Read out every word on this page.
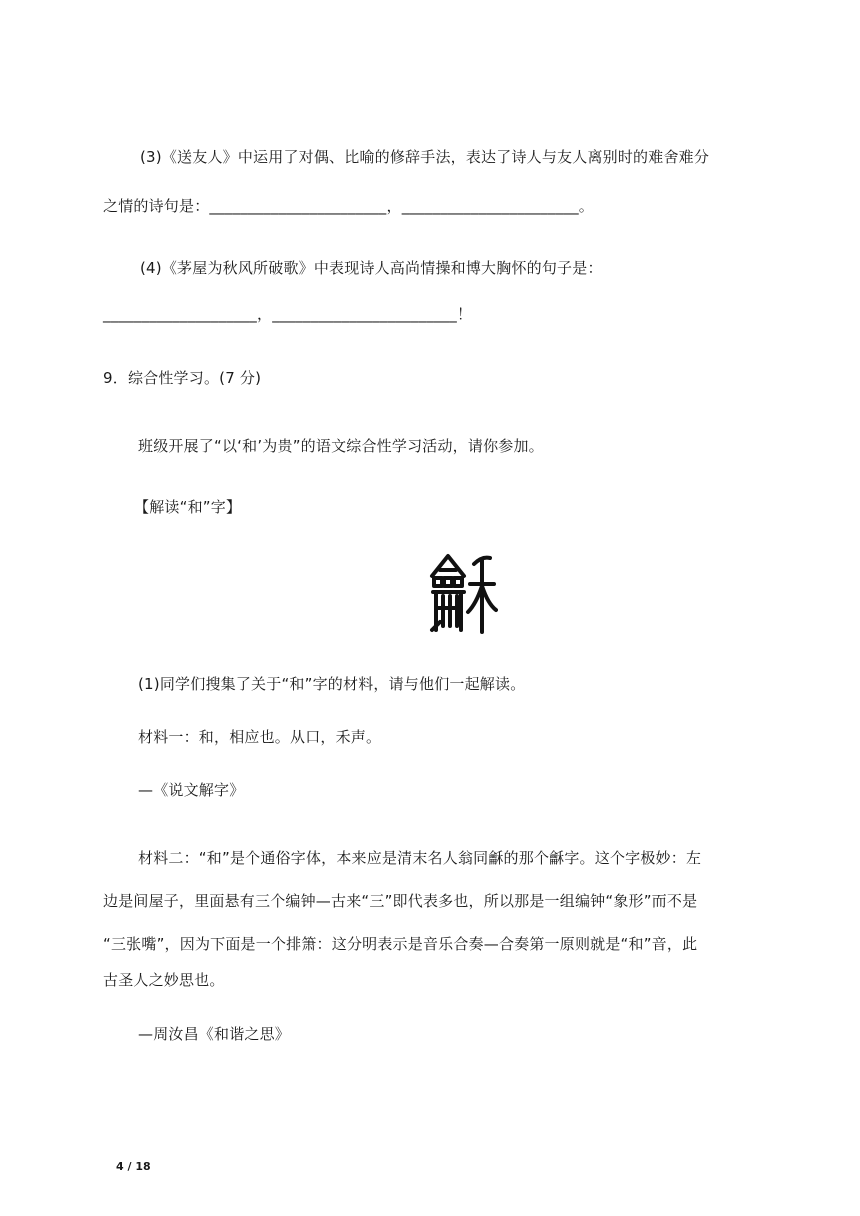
(3)《送友人》中运用了对偶、比喻的修辞手法，表达了诗人与友人离别时的难舍难分
之情的诗句是：_______________________，_______________________。
(4)《茅屋为秋风所破歌》中表现诗人高尚情操和博大胸怀的句子是：
____________________，________________________！
9．综合性学习。(7 分)
班级开展了“以‘和’为贵”的语文综合性学习活动，请你参加。
【解读“和”字】
(1)同学们搜集了关于“和”字的材料，请与他们一起解读。
材料一：和，相应也。从口，禾声。
—《说文解字》
材料二：“和”是个通俗字体，本来应是清末名人翁同龢的那个龢字。这个字极妙：左
边是间屋子，里面悬有三个编钟—古来“三”即代表多也，所以那是一组编钟“象形”而不是
“三张嘴”，因为下面是一个排箫：这分明表示是音乐合奏—合奏第一原则就是“和”音，此
古圣人之妙思也。
—周汝昌《和谐之思》
4 / 18
